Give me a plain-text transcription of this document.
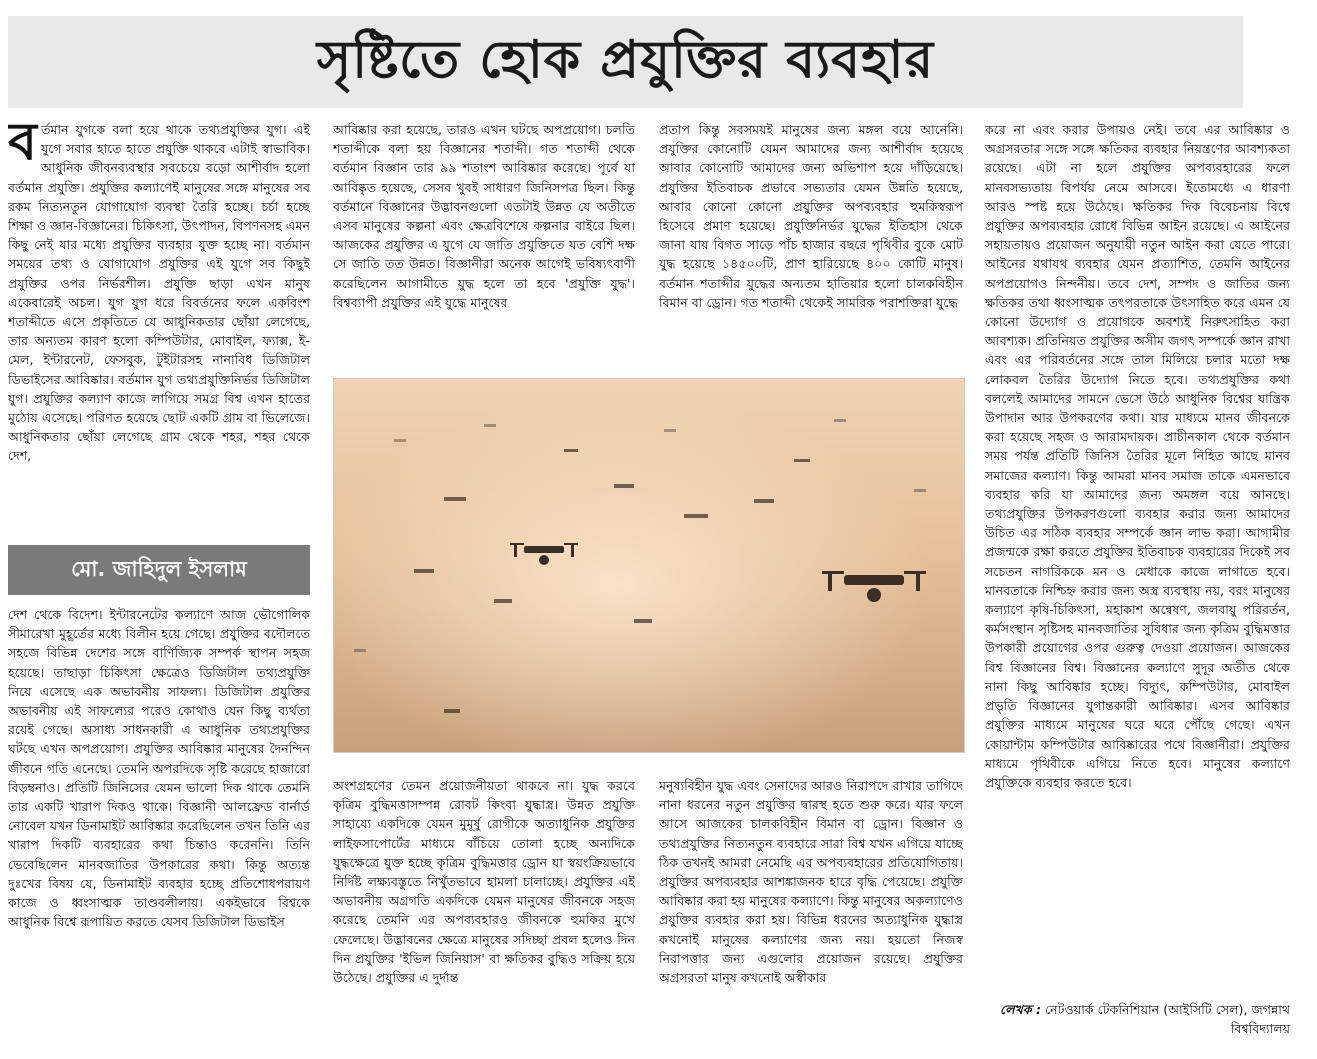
সৃষ্টিতে হোক প্রযুক্তির ব্যবহার
ব র্তমান যুগকে বলা হয়ে থাকে তথ্যপ্রযুক্তির যুগ। এই যুগে সবার হাতে হাতে প্রযুক্তি থাকবে এটাই স্বাভাবিক। আধুনিক জীবনব্যবস্থার সবচেয়ে বড়ো আশীর্বাদ হলো বর্তমান প্রযুক্তি। প্রযুক্তির কল্যাণেই মানুষের সঙ্গে মানুষের সব রকম নিত্যনতুন যোগাযোগ ব্যবস্থা তৈরি হচ্ছে। চর্চা হচ্ছে শিক্ষা ও জ্ঞান-বিজ্ঞানের। চিকিৎসা, উৎপাদন, বিপণনসহ এমন কিছু নেই যার মধ্যে প্রযুক্তির ব্যবহার যুক্ত হচ্ছে না। বর্তমান সময়ের তথ্য ও যোগাযোগ প্রযুক্তির এই যুগে সব কিছুই প্রযুক্তির ওপর নির্ভরশীল। প্রযুক্তি ছাড়া এখন মানুষ একেবারেই অচল। যুগ যুগ ধরে বিবর্তনের ফলে একবিংশ শতাব্দীতে এসে প্রকৃতিতে যে আধুনিকতার ছোঁয়া লেগেছে, তার অন্যতম কারণ হলো কম্পিউটার, মোবাইল, ফ্যাক্স, ই-মেল, ইন্টারনেট, ফেসবুক, টুইটারসহ নানাবিধ ডিজিটাল ডিভাইসের আবিষ্কার। বর্তমান যুগ তথ্যপ্রযুক্তিনির্ভর ডিজিটাল যুগ। প্রযুক্তির কল্যাণ কাজে লাগিয়ে সমগ্র বিশ্ব এখন হাতের মুঠোয় এসেছে। পরিণত হয়েছে ছোট একটি গ্রাম বা ভিলেজে। আধুনিকতার ছোঁয়া লেগেছে গ্রাম থেকে শহর, শহর থেকে দেশ,

মো. জাহিদুল ইসলাম

দেশ থেকে বিদেশ। ইন্টারনেটের কল্যাণে আজ ভৌগোলিক সীমারেখা মুহূর্তের মধ্যে বিলীন হয়ে গেছে। প্রযুক্তির বদৌলতে সহজে বিভিন্ন দেশের সঙ্গে বাণিজ্যিক সম্পর্ক স্থাপন সহজ হয়েছে। তাছাড়া চিকিৎসা ক্ষেত্রেও ডিজিটাল তথ্যপ্রযুক্তি নিয়ে এসেছে এক অভাবনীয় সাফল্য। ডিজিটাল প্রযুক্তির অভাবনীয় এই সাফল্যের পরেও কোথাও যেন কিছু ব্যর্থতা রয়েই গেছে। অসাধ্য সাধনকারী এ আধুনিক তথ্যপ্রযুক্তির ঘটছে এখন অপপ্রয়োগ। প্রযুক্তির আবিষ্কার মানুষের দৈনন্দিন জীবনে গতি এনেছে। তেমনি অপরদিকে সৃষ্টি করেছে হাজারো বিড়ম্বনাও। প্রতিটি জিনিসের যেমন ভালো দিক থাকে তেমনি তার একটি খারাপ দিকও থাকে। বিজ্ঞানী আলফ্রেড বার্নার্ড নোবেল যখন ডিনামাইট আবিষ্কার করেছিলেন তখন তিনি এর খারাপ দিকটি ব্যবহারের কথা চিন্তাও করেননি। তিনি ভেবেছিলেন মানবজাতির উপকারের কথা। কিন্তু অত্যন্ত দুঃখের বিষয় যে, ডিনামাইট ব্যবহার হচ্ছে প্রতিশোধপরায়ণ কাজে ও ধ্বংসাত্মক তাণ্ডবলীলায়। একইভাবে বিশ্বকে আধুনিক বিশ্বে রূপায়িত করতে যেসব ডিজিটাল ডিভাইস

আবিষ্কার করা হয়েছে, তারও এখন ঘটছে অপপ্রয়োগ। চলতি শতাব্দীকে বলা হয় বিজ্ঞানের শতাব্দী। গত শতাব্দী থেকে বর্তমান বিজ্ঞান তার ৯৯ শতাংশ আবিষ্কার করেছে। পূর্বে যা আবিষ্কৃত হয়েছে, সেসব খুবই সাধারণ জিনিসপত্র ছিল। কিন্তু বর্তমানে বিজ্ঞানের উদ্ভাবনগুলো এতটাই উন্নত যে অতীতে এসব মানুষের কল্পনা এবং ক্ষেত্রবিশেষে কল্পনার বাইরে ছিল। আজকের প্রযুক্তির এ যুগে যে জাতি প্রযুক্তিতে যত বেশি দক্ষ সে জাতি তত উন্নত। বিজ্ঞানীরা অনেক আগেই ভবিষ্যৎবাণী করেছিলেন আগামীতে যুদ্ধ হলে তা হবে 'প্রযুক্তি যুদ্ধ'। বিশ্বব্যাপী প্রযুক্তির এই যুদ্ধে মানুষের

প্রতাপ কিন্তু সবসময়ই মানুষের জন্য মঙ্গল বয়ে আনেনি। প্রযুক্তির কোনোটি যেমন আমাদের জন্য আশীর্বাদ হয়েছে আবার কোনোটি আমাদের জন্য অভিশাপ হয়ে দাঁড়িয়েছে। প্রযুক্তির ইতিবাচক প্রভাবে সভ্যতার যেমন উন্নতি হয়েছে, আবার কোনো কোনো প্রযুক্তির অপব্যবহার হুমকিস্বরূপ হিসেবে প্রমাণ হয়েছে। প্রযুক্তিনির্ভর যুদ্ধের ইতিহাস থেকে জানা যায় বিগত সাড়ে পাঁচ হাজার বছরে পৃথিবীর বুকে মোট যুদ্ধ হয়েছে ১৪৫০০টি, প্রাণ হারিয়েছে ৪০০ কোটি মানুষ। বর্তমান শতাব্দীর যুদ্ধের অন্যতম হাতিয়ার হলো চালকবিহীন বিমান বা ড্রোন। গত শতাব্দী থেকেই সামরিক পরাশক্তিরা যুদ্ধে

অংশগ্রহণের তেমন প্রয়োজনীয়তা থাকবে না। যুদ্ধ করবে কৃত্রিম বুদ্ধিমত্তাসম্পন্ন রোবট কিংবা যুদ্ধাস্ত্র। উন্নত প্রযুক্তি সাহায্যে একদিকে যেমন মুমূর্ষু রোগীকে অত্যাধুনিক প্রযুক্তির লাইফসাপোর্টের মাধ্যমে বাঁচিয়ে তোলা হচ্ছে অন্যদিকে যুদ্ধক্ষেত্রে যুক্ত হচ্ছে কৃত্রিম বুদ্ধিমত্তার ড্রোন যা স্বয়ংক্রিয়ভাবে নির্দিষ্ট লক্ষ্যবস্তুতে নিখুঁতভাবে হামলা চালাচ্ছে। প্রযুক্তির এই অভাবনীয় অগ্রগতি একদিকে যেমন মানুষের জীবনকে সহজ করেছে তেমনি এর অপব্যবহারও জীবনকে হুমকির মুখে ফেলেছে। উদ্ভাবনের ক্ষেত্রে মানুষের সদিচ্ছা প্রবল হলেও দিন দিন প্রযুক্তির 'ইভিল জিনিয়াস' বা ক্ষতিকর বুদ্ধিও সক্রিয় হয়ে উঠেছে। প্রযুক্তির এ দুর্দান্ত

মনুষ্যবিহীন যুদ্ধ এবং সেনাদের আরও নিরাপদে রাখার তাগিদে নানা ধরনের নতুন প্রযুক্তির দ্বারস্থ হতে শুরু করে। যার ফলে আসে আজকের চালকবিহীন বিমান বা ড্রোন। বিজ্ঞান ও তথ্যপ্রযুক্তির নিত্যনতুন ব্যবহারে সারা বিশ্ব যখন এগিয়ে যাচ্ছে ঠিক তখনই আমরা নেমেছি এর অপব্যবহারের প্রতিযোগিতায়। প্রযুক্তির অপব্যবহার আশঙ্কাজনক হারে বৃদ্ধি পেয়েছে। প্রযুক্তি আবিষ্কার করা হয় মানুষের কল্যাণে। কিন্তু মানুষের অকল্যাণেও প্রযুক্তির ব্যবহার করা হয়। বিভিন্ন ধরনের অত্যাধুনিক যুদ্ধাস্ত্র কখনোই মানুষের কল্যাণের জন্য নয়। হয়তো নিজস্ব নিরাপত্তার জন্য এগুলোর প্রয়োজন রয়েছে। প্রযুক্তির অগ্রসরতা মানুষ কখনোই অস্বীকার

করে না এবং করার উপায়ও নেই। তবে এর আবিষ্কার ও অগ্রসরতার সঙ্গে সঙ্গে ক্ষতিকর ব্যবহার নিয়ন্ত্রণের আবশ্যকতা রয়েছে। এটা না হলে প্রযুক্তির অপব্যবহারের ফলে মানবসভ্যতায় বিপর্যয় নেমে আসবে। ইতোমধ্যে এ ধারণা আরও স্পষ্ট হয়ে উঠেছে। ক্ষতিকর দিক বিবেচনায় বিশ্বে প্রযুক্তির অপব্যবহার রোধে বিভিন্ন আইন রয়েছে। এ আইনের সহায়তায়ও প্রয়োজন অনুযায়ী নতুন আইন করা যেতে পারে। আইনের যথাযথ ব্যবহার যেমন প্রত্যাশিত, তেমনি আইনের অপপ্রয়োগও নিন্দনীয়। তবে দেশ, সম্পদ ও জাতির জন্য ক্ষতিকর তথা ধ্বংসাত্মক তৎপরতাকে উৎসাহিত করে এমন যে কোনো উদ্যোগ ও প্রয়োগকে অবশ্যই নিরুৎসাহিত করা আবশ্যক। প্রতিনিয়ত প্রযুক্তির অসীম জগৎ সম্পর্কে জ্ঞান রাখা এবং এর পরিবর্তনের সঙ্গে তাল মিলিয়ে চলার মতো দক্ষ লোকবল তৈরির উদ্যোগ নিতে হবে। তথ্যপ্রযুক্তির কথা বললেই আমাদের সামনে ভেসে উঠে আধুনিক বিশ্বের যান্ত্রিক উপাদান আর উপকরণের কথা। যার মাধ্যমে মানব জীবনকে করা হয়েছে সহজ ও আরামদায়ক। প্রাচীনকাল থেকে বর্তমান সময় পর্যন্ত প্রতিটি জিনিস তৈরির মূলে নিহিত আছে মানব সমাজের কল্যাণ। কিন্তু আমরা মানব সমাজ তাকে এমনভাবে ব্যবহার করি যা আমাদের জন্য অমঙ্গল বয়ে আনছে। তথ্যপ্রযুক্তির উপকরণগুলো ব্যবহার করার জন্য আমাদের উচিত এর সঠিক ব্যবহার সম্পর্কে জ্ঞান লাভ করা। আগামীর প্রজন্মকে রক্ষা করতে প্রযুক্তির ইতিবাচক ব্যবহারের দিকেই সব সচেতন নাগরিককে মন ও মেধাকে কাজে লাগাতে হবে। মানবতাকে নিশ্চিহ্ন করার জন্য অস্ত্র ব্যবস্থায় নয়, বরং মানুষের কল্যাণে কৃষি-চিকিৎসা, মহাকাশ অন্বেষণ, জলবায়ু পরিবর্তন, কর্মসংস্থান সৃষ্টিসহ মানবজাতির সুবিধার জন্য কৃত্রিম বুদ্ধিমত্তার উপকারী প্রয়োগের ওপর গুরুত্ব দেওয়া প্রয়োজন। আজকের বিশ্ব বিজ্ঞানের বিশ্ব। বিজ্ঞানের কল্যাণে সুদূর অতীত থেকে নানা কিছু আবিষ্কার হচ্ছে। বিদ্যুৎ, কম্পিউটার, মোবাইল প্রভৃতি বিজ্ঞানের যুগান্তকারী আবিষ্কার। এসব আবিষ্কার প্রযুক্তির মাধ্যমে মানুষের ঘরে ঘরে পৌঁছে গেছে। এখন কোয়ান্টাম কম্পিউটার আবিষ্কারের পথে বিজ্ঞানীরা। প্রযুক্তির মাধ্যমে পৃথিবীকে এগিয়ে নিতে হবে। মানুষের কল্যাণে প্রযুক্তিকে ব্যবহার করতে হবে।

লেখক : নেটওয়ার্ক টেকনিশিয়ান (আইসিটি সেল), জগন্নাথ বিশ্ববিদ্যালয়
